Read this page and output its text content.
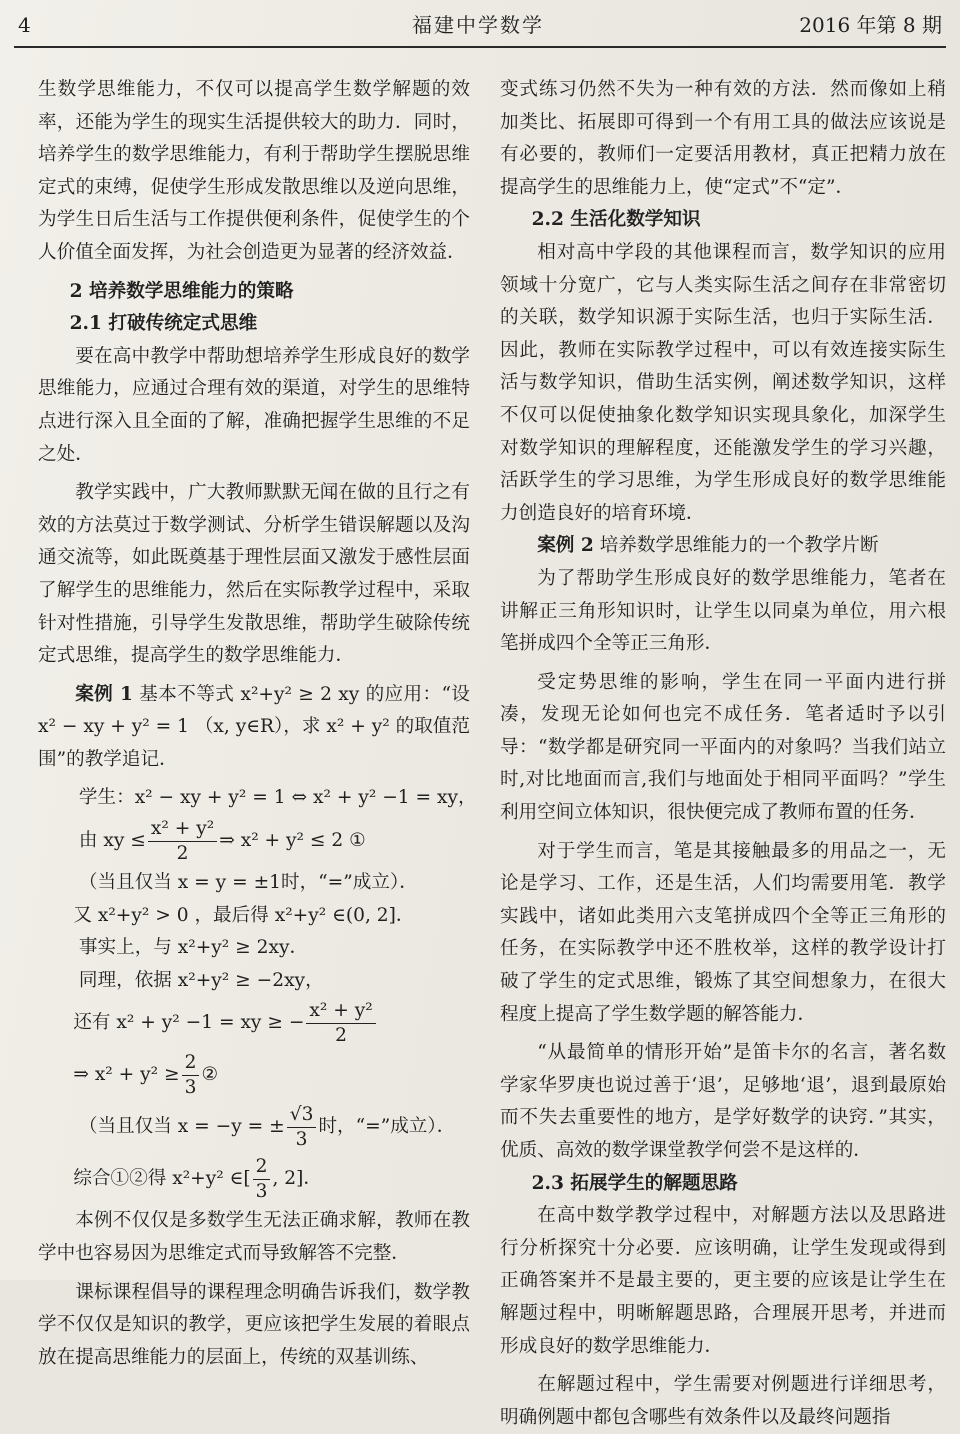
4	福建中学数学	2016 年第 8 期

生数学思维能力，不仅可以提高学生数学解题的效率，还能为学生的现实生活提供较大的助力．同时，培养学生的数学思维能力，有利于帮助学生摆脱思维定式的束缚，促使学生形成发散思维以及逆向思维，为学生日后生活与工作提供便利条件，促使学生的个人价值全面发挥，为社会创造更为显著的经济效益．

2 培养数学思维能力的策略

2.1 打破传统定式思维

要在高中教学中帮助想培养学生形成良好的数学思维能力，应通过合理有效的渠道，对学生的思维特点进行深入且全面的了解，准确把握学生思维的不足之处．

教学实践中，广大教师默默无闻在做的且行之有效的方法莫过于数学测试、分析学生错误解题以及沟通交流等，如此既奠基于理性层面又激发于感性层面了解学生的思维能力，然后在实际教学过程中，采取针对性措施，引导学生发散思维，帮助学生破除传统定式思维，提高学生的数学思维能力．

案例 1 基本不等式 x²+y² ≥ 2 xy 的应用：“设 x² − xy + y² = 1 （x, y∈R），求 x² + y² 的取值范围”的教学追记．

学生：x² − xy + y² = 1 ⇔ x² + y² −1 = xy，
由 xy ≤ $\frac{\text{x² + y²}}{2}$ ⇒ x² + y² ≤ 2 ①
（当且仅当 x = y = ±1时，“=”成立）．
又 x²+y² > 0 ，最后得 x²+y² ∈(0, 2]．
事实上，与 x²+y² ≥ 2xy．
同理，依据 x²+y² ≥ −2xy，
还有 x² + y² −1 = xy ≥ − $\frac{\text{x² + y²}}{2}$
⇒ $x^2 + y^2 \ge \frac{2}{3}$ ②
（当且仅当 x = −y = ± $\frac{√3}{3}$ 时，“=”成立）．
综合①②得 x²+y² ∈[ $\frac{2}{3}$ , 2]．

本例不仅仅是多数学生无法正确求解，教师在教学中也容易因为思维定式而导致解答不完整．

课标课程倡导的课程理念明确告诉我们，数学教学不仅仅是知识的教学，更应该把学生发展的着眼点放在提高思维能力的层面上，传统的双基训练、

变式练习仍然不失为一种有效的方法．然而像如上稍加类比、拓展即可得到一个有用工具的做法应该说是有必要的，教师们一定要活用教材，真正把精力放在提高学生的思维能力上，使“定式”不“定”．

2.2 生活化数学知识

相对高中学段的其他课程而言，数学知识的应用领域十分宽广，它与人类实际生活之间存在非常密切的关联，数学知识源于实际生活，也归于实际生活．因此，教师在实际教学过程中，可以有效连接实际生活与数学知识，借助生活实例，阐述数学知识，这样不仅可以促使抽象化数学知识实现具象化，加深学生对数学知识的理解程度，还能激发学生的学习兴趣，活跃学生的学习思维，为学生形成良好的数学思维能力创造良好的培育环境．

案例 2 培养数学思维能力的一个教学片断

为了帮助学生形成良好的数学思维能力，笔者在讲解正三角形知识时，让学生以同桌为单位，用六根笔拼成四个全等正三角形．

受定势思维的影响，学生在同一平面内进行拼凑，发现无论如何也完不成任务．笔者适时予以引导：“数学都是研究同一平面内的对象吗？当我们站立时,对比地面而言,我们与地面处于相同平面吗？”学生利用空间立体知识，很快便完成了教师布置的任务．

对于学生而言，笔是其接触最多的用品之一，无论是学习、工作，还是生活，人们均需要用笔．教学实践中，诸如此类用六支笔拼成四个全等正三角形的任务，在实际教学中还不胜枚举，这样的教学设计打破了学生的定式思维，锻炼了其空间想象力，在很大程度上提高了学生数学题的解答能力．

“从最简单的情形开始”是笛卡尔的名言，著名数学家华罗庚也说过善于‘退’，足够地‘退’，退到最原始而不失去重要性的地方，是学好数学的诀窍．”其实，优质、高效的数学课堂教学何尝不是这样的．

2.3 拓展学生的解题思路

在高中数学教学过程中，对解题方法以及思路进行分析探究十分必要．应该明确，让学生发现或得到正确答案并不是最主要的，更主要的应该是让学生在解题过程中，明晰解题思路，合理展开思考，并进而形成良好的数学思维能力．

在解题过程中，学生需要对例题进行详细思考，明确例题中都包含哪些有效条件以及最终问题指
